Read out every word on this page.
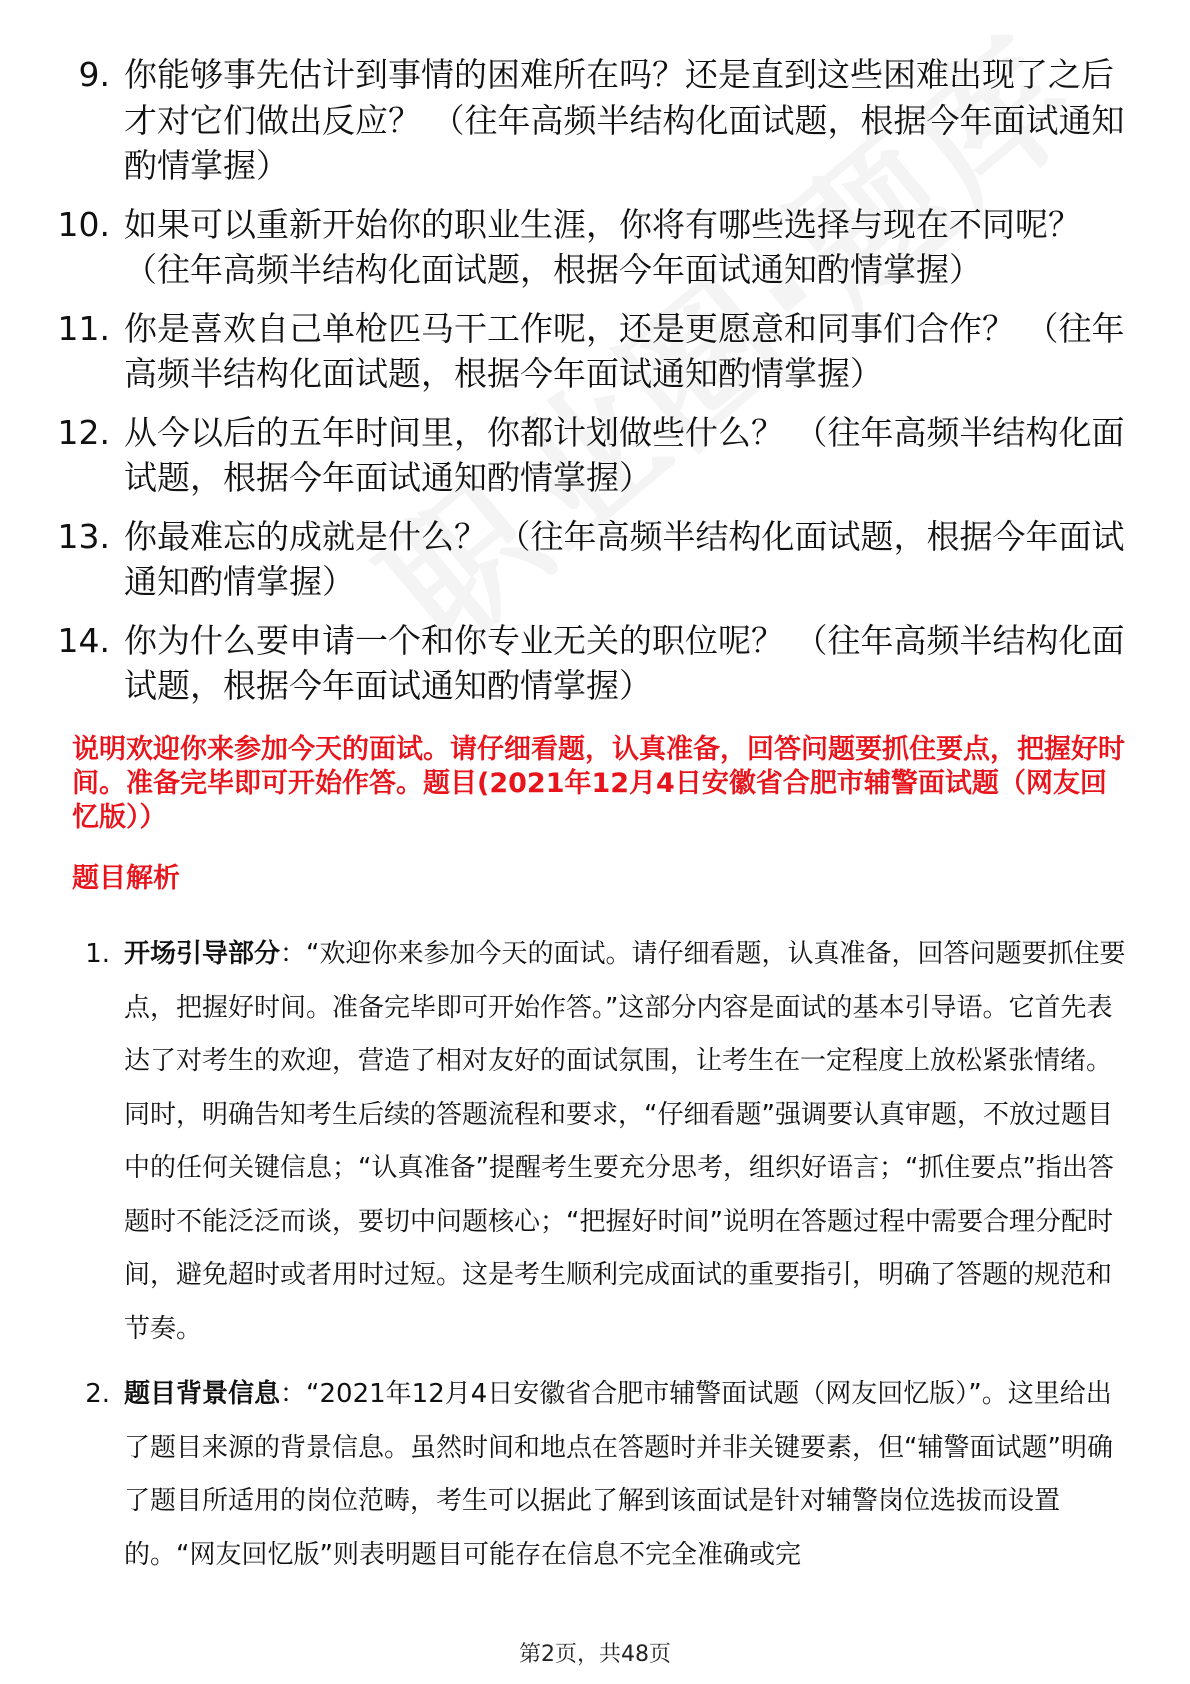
9. 你能够事先估计到事情的困难所在吗？还是直到这些困难出现了之后才对它们做出反应？ （往年高频半结构化面试题，根据今年面试通知酌情掌握）
10. 如果可以重新开始你的职业生涯，你将有哪些选择与现在不同呢？ （往年高频半结构化面试题，根据今年面试通知酌情掌握）
11. 你是喜欢自己单枪匹马干工作呢，还是更愿意和同事们合作？ （往年高频半结构化面试题，根据今年面试通知酌情掌握）
12. 从今以后的五年时间里，你都计划做些什么？ （往年高频半结构化面试题，根据今年面试通知酌情掌握）
13. 你最难忘的成就是什么？ （往年高频半结构化面试题，根据今年面试通知酌情掌握）
14. 你为什么要申请一个和你专业无关的职位呢？ （往年高频半结构化面试题，根据今年面试通知酌情掌握）
说明欢迎你来参加今天的面试。请仔细看题，认真准备，回答问题要抓住要点，把握好时间。准备完毕即可开始作答。题目(2021年12月4日安徽省合肥市辅警面试题（网友回忆版））
题目解析
1. 开场引导部分：“欢迎你来参加今天的面试。请仔细看题，认真准备，回答问题要抓住要点，把握好时间。准备完毕即可开始作答。”这部分内容是面试的基本引导语。它首先表达了对考生的欢迎，营造了相对友好的面试氛围，让考生在一定程度上放松紧张情绪。同时，明确告知考生后续的答题流程和要求，“仔细看题”强调要认真审题，不放过题目中的任何关键信息；“认真准备”提醒考生要充分思考，组织好语言；“抓住要点”指出答题时不能泛泛而谈，要切中问题核心；“把握好时间”说明在答题过程中需要合理分配时间，避免超时或者用时过短。这是考生顺利完成面试的重要指引，明确了答题的规范和节奏。
2. 题目背景信息：“2021年12月4日安徽省合肥市辅警面试题（网友回忆版）”。这里给出了题目来源的背景信息。虽然时间和地点在答题时并非关键要素，但“辅警面试题”明确了题目所适用的岗位范畴，考生可以据此了解到该面试是针对辅警岗位选拔而设置的。“网友回忆版”则表明题目可能存在信息不完全准确或完
第2页，共48页
